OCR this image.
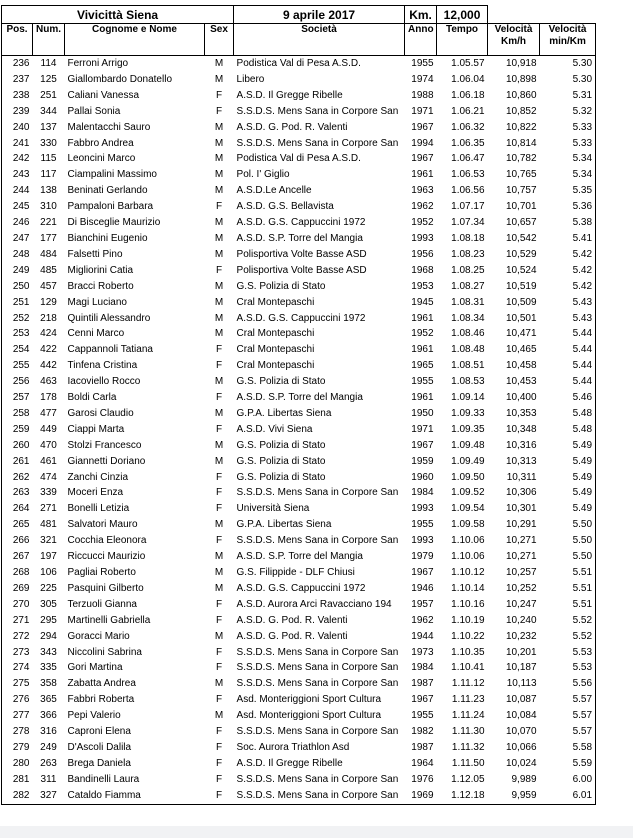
Vivicittà Siena				9 aprile 2017	Km.	12,000		
Pos.	Num.	Cognome e Nome	Sex	Società	Anno	Tempo	Velocità Km/h	Velocità min/Km
236	114	Ferroni Arrigo	M	Podistica Val di Pesa A.S.D.	1955	1.05.57	10,918	5.30
237	125	Giallombardo Donatello	M	Libero	1974	1.06.04	10,898	5.30
238	251	Caliani Vanessa	F	A.S.D. Il Gregge Ribelle	1988	1.06.18	10,860	5.31
239	344	Pallai Sonia	F	S.S.D.S. Mens Sana in Corpore San	1971	1.06.21	10,852	5.32
240	137	Malentacchi Sauro	M	A.S.D. G. Pod. R. Valenti	1967	1.06.32	10,822	5.33
241	330	Fabbro Andrea	M	S.S.D.S. Mens Sana in Corpore San	1994	1.06.35	10,814	5.33
242	115	Leoncini Marco	M	Podistica Val di Pesa A.S.D.	1967	1.06.47	10,782	5.34
243	117	Ciampalini Massimo	M	Pol. I' Giglio	1961	1.06.53	10,765	5.34
244	138	Beninati Gerlando	M	A.S.D.Le Ancelle	1963	1.06.56	10,757	5.35
245	310	Pampaloni Barbara	F	A.S.D. G.S. Bellavista	1962	1.07.17	10,701	5.36
246	221	Di Bisceglie Maurizio	M	A.S.D. G.S. Cappuccini 1972	1952	1.07.34	10,657	5.38
247	177	Bianchini Eugenio	M	A.S.D. S.P. Torre del Mangia	1993	1.08.18	10,542	5.41
248	484	Falsetti Pino	M	Polisportiva Volte Basse ASD	1956	1.08.23	10,529	5.42
249	485	Migliorini Catia	F	Polisportiva Volte Basse ASD	1968	1.08.25	10,524	5.42
250	457	Bracci Roberto	M	G.S. Polizia di Stato	1953	1.08.27	10,519	5.42
251	129	Magi Luciano	M	Cral Montepaschi	1945	1.08.31	10,509	5.43
252	218	Quintili Alessandro	M	A.S.D. G.S. Cappuccini 1972	1961	1.08.34	10,501	5.43
253	424	Cenni Marco	M	Cral Montepaschi	1952	1.08.46	10,471	5.44
254	422	Cappannoli Tatiana	F	Cral Montepaschi	1961	1.08.48	10,465	5.44
255	442	Tinfena Cristina	F	Cral Montepaschi	1965	1.08.51	10,458	5.44
256	463	Iacoviello Rocco	M	G.S. Polizia di Stato	1955	1.08.53	10,453	5.44
257	178	Boldi Carla	F	A.S.D. S.P. Torre del Mangia	1961	1.09.14	10,400	5.46
258	477	Garosi Claudio	M	G.P.A. Libertas Siena	1950	1.09.33	10,353	5.48
259	449	Ciappi Marta	F	A.S.D. Vivi Siena	1971	1.09.35	10,348	5.48
260	470	Stolzi Francesco	M	G.S. Polizia di Stato	1967	1.09.48	10,316	5.49
261	461	Giannetti Doriano	M	G.S. Polizia di Stato	1959	1.09.49	10,313	5.49
262	474	Zanchi Cinzia	F	G.S. Polizia di Stato	1960	1.09.50	10,311	5.49
263	339	Moceri Enza	F	S.S.D.S. Mens Sana in Corpore San	1984	1.09.52	10,306	5.49
264	271	Bonelli Letizia	F	Università Siena	1993	1.09.54	10,301	5.49
265	481	Salvatori Mauro	M	G.P.A. Libertas Siena	1955	1.09.58	10,291	5.50
266	321	Cocchia Eleonora	F	S.S.D.S. Mens Sana in Corpore San	1993	1.10.06	10,271	5.50
267	197	Riccucci Maurizio	M	A.S.D. S.P. Torre del Mangia	1979	1.10.06	10,271	5.50
268	106	Pagliai Roberto	M	G.S. Filippide - DLF Chiusi	1967	1.10.12	10,257	5.51
269	225	Pasquini Gilberto	M	A.S.D. G.S. Cappuccini 1972	1946	1.10.14	10,252	5.51
270	305	Terzuoli Gianna	F	A.S.D. Aurora Arci Ravacciano 194	1957	1.10.16	10,247	5.51
271	295	Martinelli Gabriella	F	A.S.D. G. Pod. R. Valenti	1962	1.10.19	10,240	5.52
272	294	Goracci Mario	M	A.S.D. G. Pod. R. Valenti	1944	1.10.22	10,232	5.52
273	343	Niccolini Sabrina	F	S.S.D.S. Mens Sana in Corpore San	1973	1.10.35	10,201	5.53
274	335	Gori Martina	F	S.S.D.S. Mens Sana in Corpore San	1984	1.10.41	10,187	5.53
275	358	Zabatta Andrea	M	S.S.D.S. Mens Sana in Corpore San	1987	1.11.12	10,113	5.56
276	365	Fabbri Roberta	F	Asd. Monteriggioni Sport Cultura	1967	1.11.23	10,087	5.57
277	366	Pepi Valerio	M	Asd. Monteriggioni Sport Cultura	1955	1.11.24	10,084	5.57
278	316	Caproni Elena	F	S.S.D.S. Mens Sana in Corpore San	1982	1.11.30	10,070	5.57
279	249	D'Ascoli Dalila	F	Soc. Aurora Triathlon Asd	1987	1.11.32	10,066	5.58
280	263	Brega Daniela	F	A.S.D. Il Gregge Ribelle	1964	1.11.50	10,024	5.59
281	311	Bandinelli Laura	F	S.S.D.S. Mens Sana in Corpore San	1976	1.12.05	9,989	6.00
282	327	Cataldo Fiamma	F	S.S.D.S. Mens Sana in Corpore San	1969	1.12.18	9,959	6.01
